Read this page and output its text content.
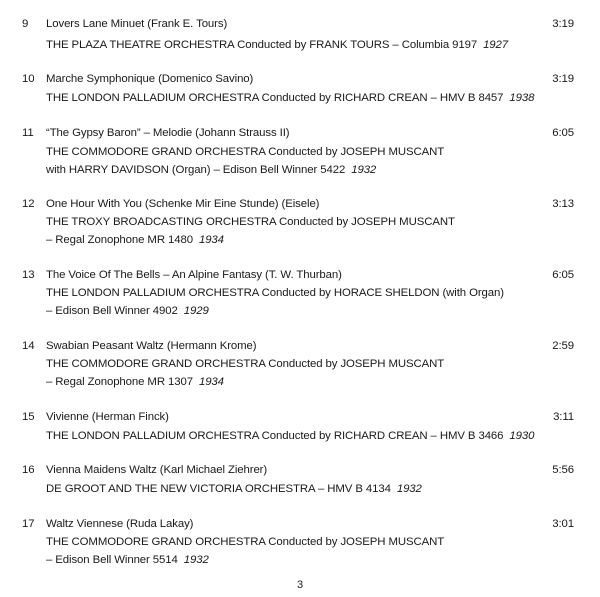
9 Lovers Lane Minuet (Frank E. Tours)	3:19
THE PLAZA THEATRE ORCHESTRA Conducted by FRANK TOURS – Columbia 9197 1927
10 Marche Symphonique (Domenico Savino)	3:19
THE LONDON PALLADIUM ORCHESTRA Conducted by RICHARD CREAN – HMV B 8457 1938
11 “The Gypsy Baron” – Melodie (Johann Strauss II)	6:05
THE COMMODORE GRAND ORCHESTRA Conducted by JOSEPH MUSCANT
with HARRY DAVIDSON (Organ) – Edison Bell Winner 5422 1932
12 One Hour With You (Schenke Mir Eine Stunde) (Eisele)	3:13
THE TROXY BROADCASTING ORCHESTRA Conducted by JOSEPH MUSCANT
– Regal Zonophone MR 1480 1934
13 The Voice Of The Bells – An Alpine Fantasy (T. W. Thurban)	6:05
THE LONDON PALLADIUM ORCHESTRA Conducted by HORACE SHELDON (with Organ)
– Edison Bell Winner 4902 1929
14 Swabian Peasant Waltz (Hermann Krome)	2:59
THE COMMODORE GRAND ORCHESTRA Conducted by JOSEPH MUSCANT
– Regal Zonophone MR 1307 1934
15 Vivienne (Herman Finck)	3:11
THE LONDON PALLADIUM ORCHESTRA Conducted by RICHARD CREAN – HMV B 3466 1930
16 Vienna Maidens Waltz (Karl Michael Ziehrer)	5:56
DE GROOT AND THE NEW VICTORIA ORCHESTRA – HMV B 4134 1932
17 Waltz Viennese (Ruda Lakay)	3:01
THE COMMODORE GRAND ORCHESTRA Conducted by JOSEPH MUSCANT
– Edison Bell Winner 5514 1932
3
